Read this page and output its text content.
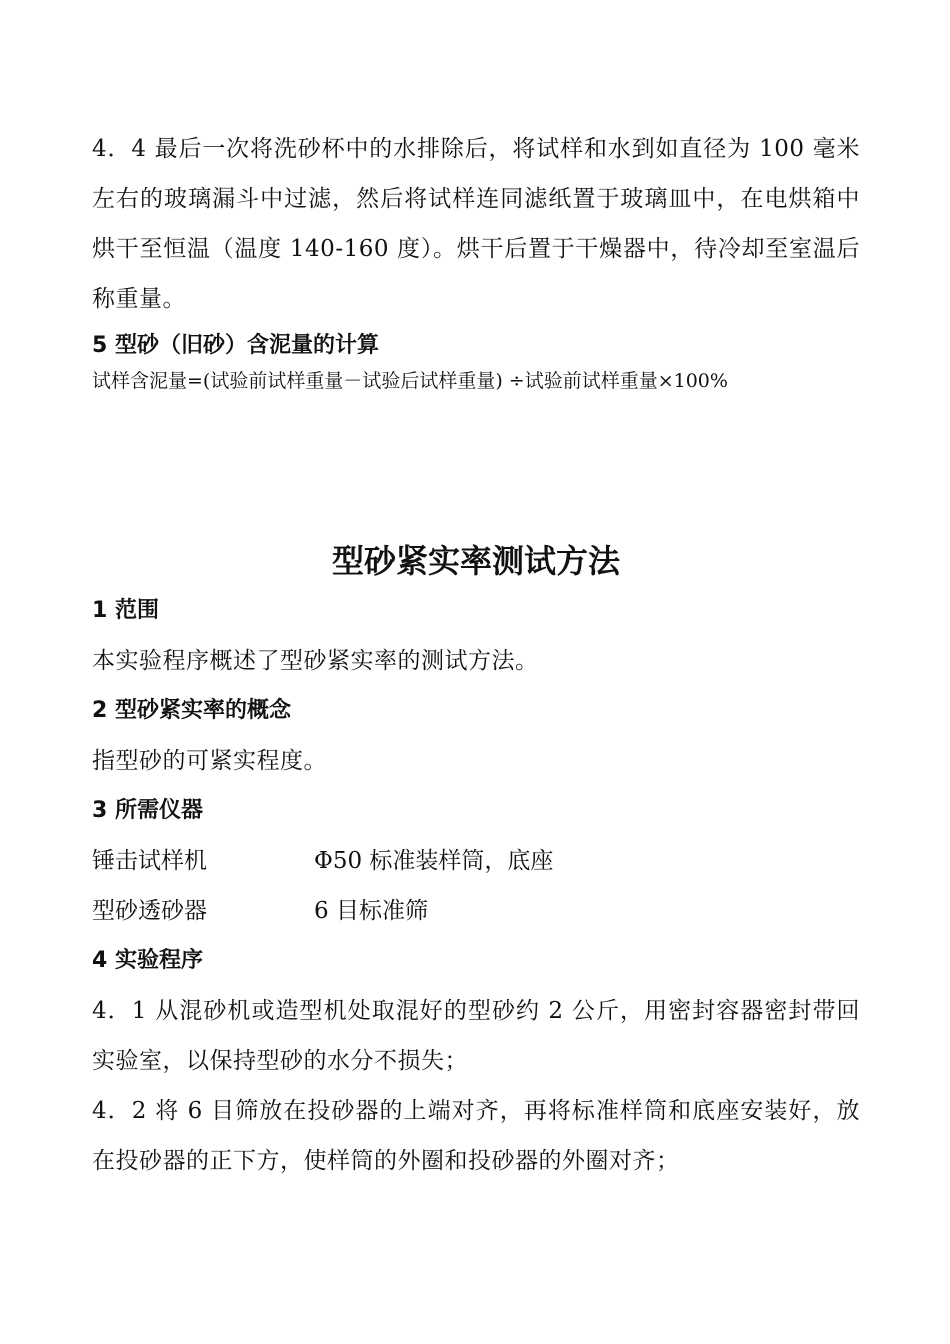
4．4 最后一次将洗砂杯中的水排除后，将试样和水到如直径为 100 毫米左右的玻璃漏斗中过滤，然后将试样连同滤纸置于玻璃皿中，在电烘箱中烘干至恒温（温度 140-160 度）。烘干后置于干燥器中，待冷却至室温后称重量。

5 型砂（旧砂）含泥量的计算

试样含泥量=(试验前试样重量－试验后试样重量) ÷试验前试样重量×100%

型砂紧实率测试方法

1 范围

本实验程序概述了型砂紧实率的测试方法。

2 型砂紧实率的概念

指型砂的可紧实程度。

3 所需仪器

锤击试样机	Φ50 标准装样筒，底座
型砂透砂器	6 目标准筛

4 实验程序

4．1 从混砂机或造型机处取混好的型砂约 2 公斤，用密封容器密封带回实验室，以保持型砂的水分不损失；

4．2 将 6 目筛放在投砂器的上端对齐，再将标准样筒和底座安装好，放在投砂器的正下方，使样筒的外圈和投砂器的外圈对齐；
